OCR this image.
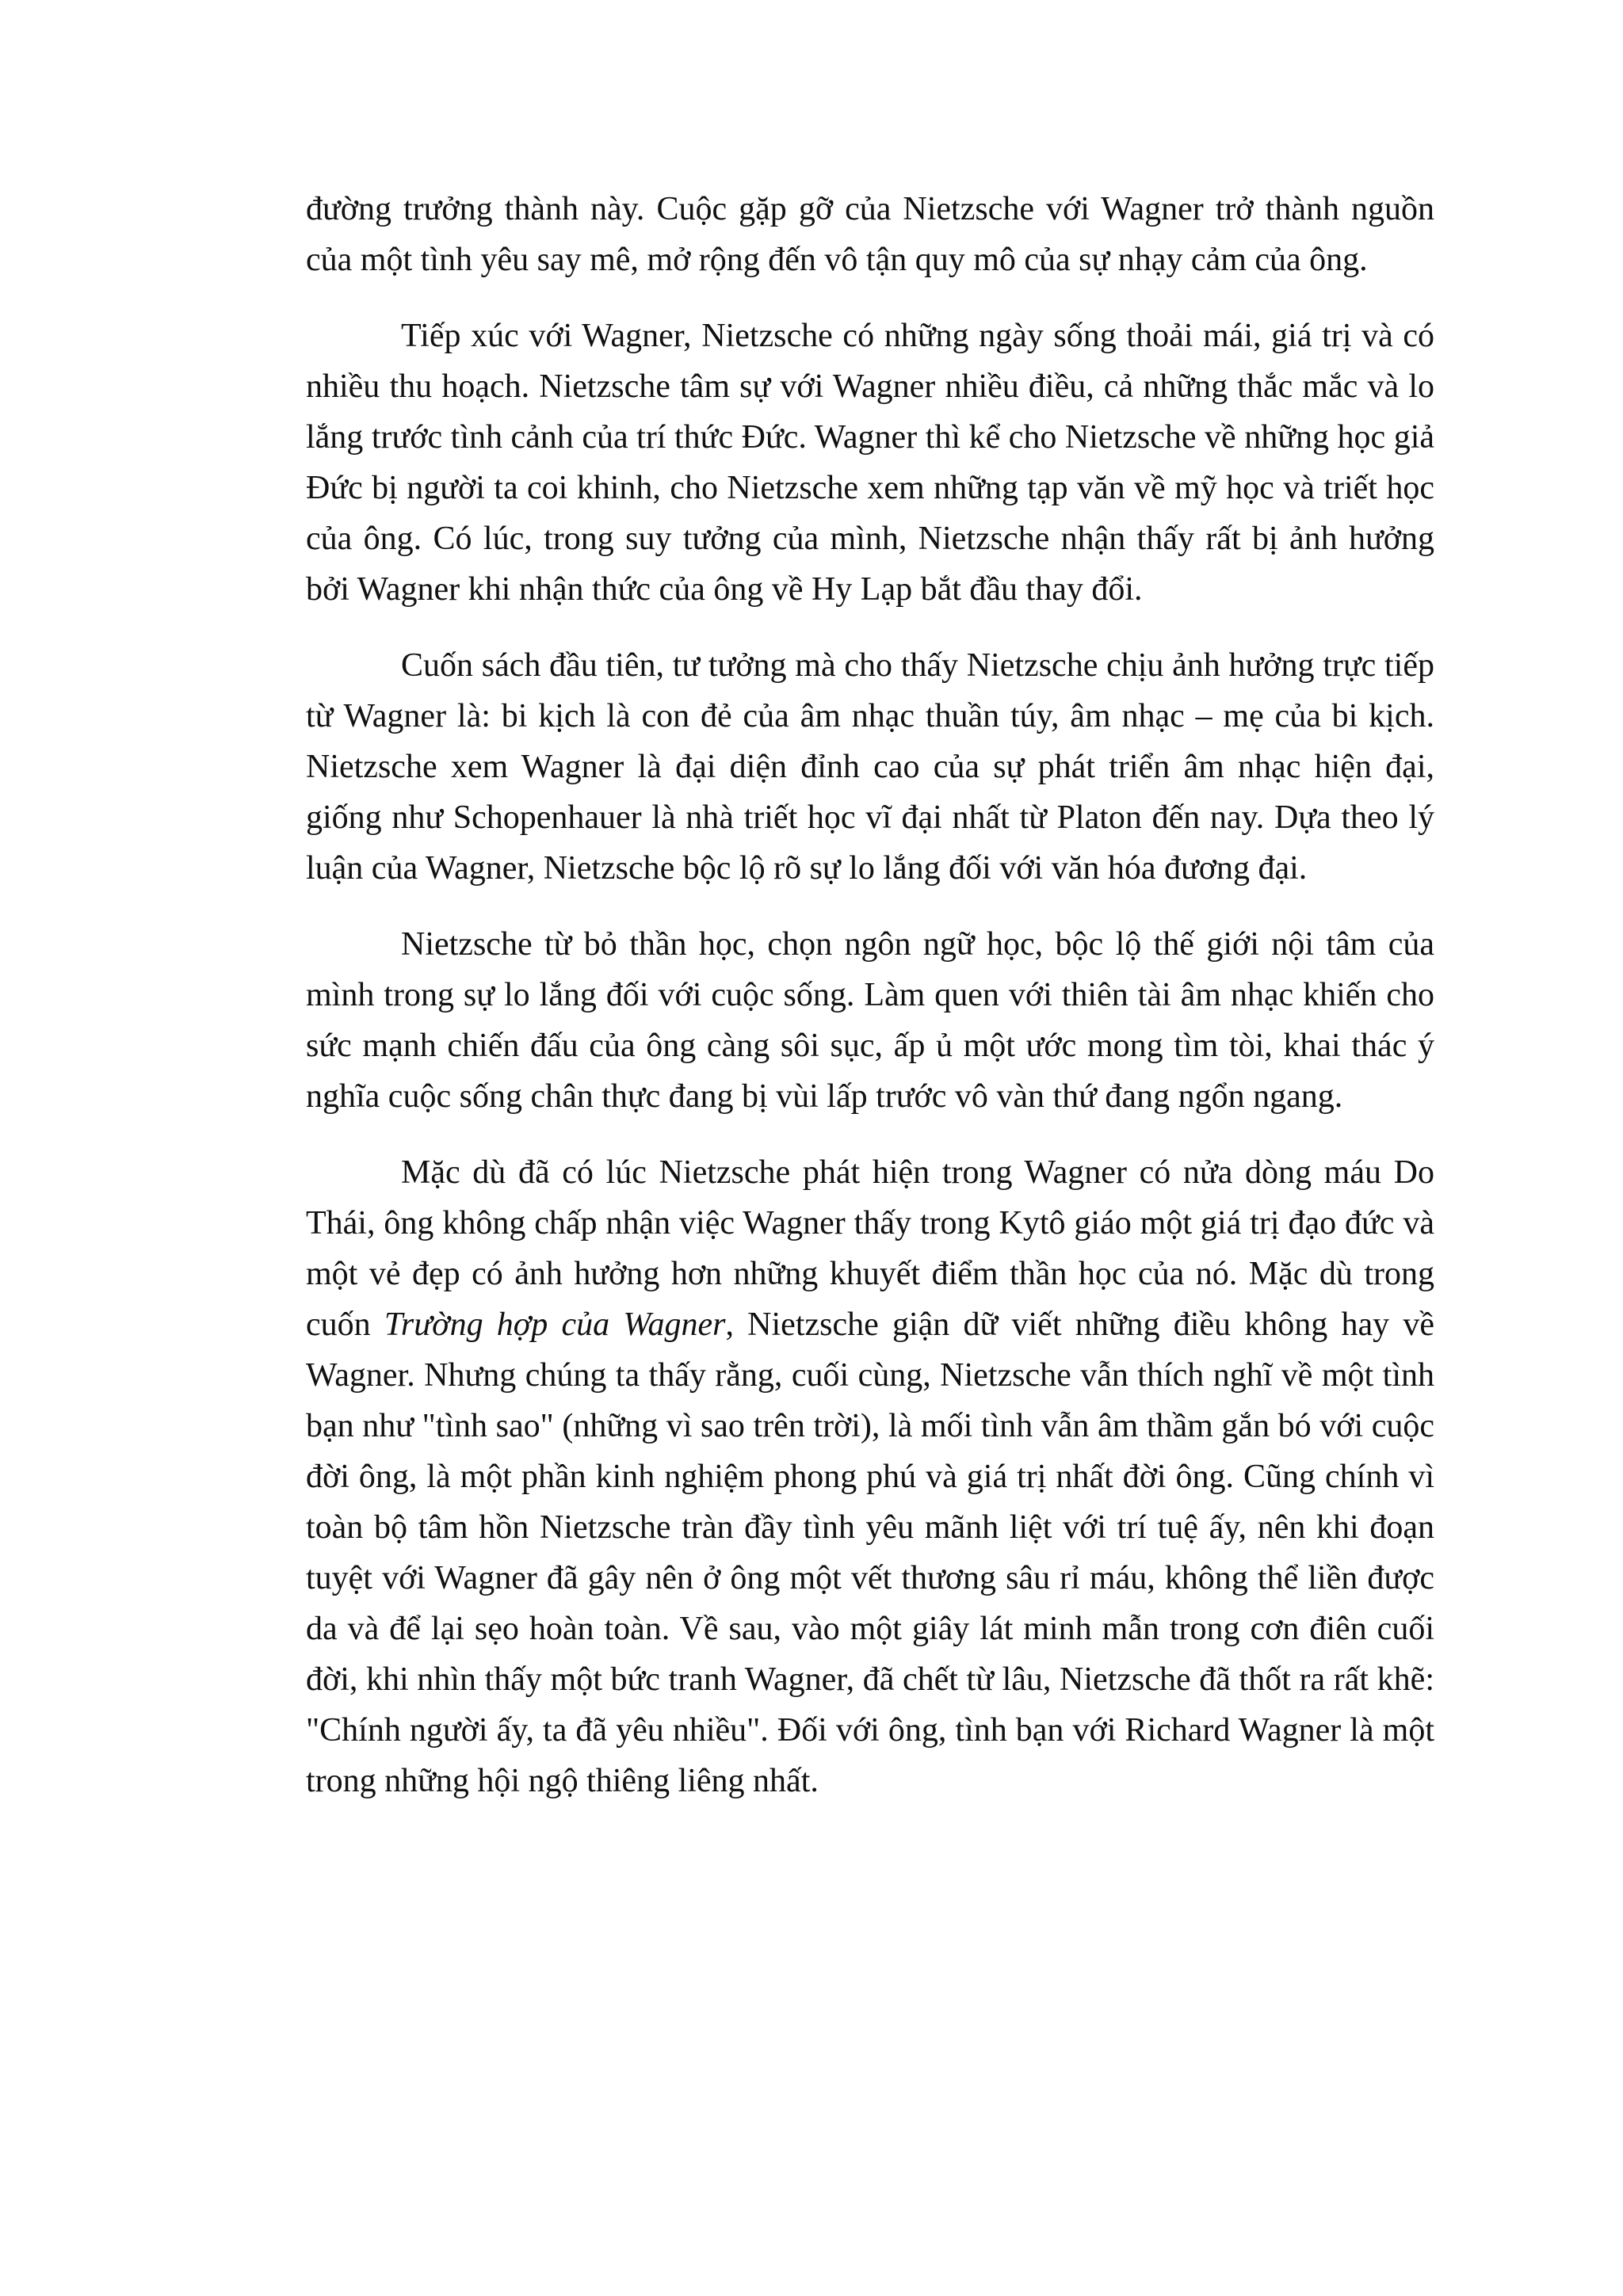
đường trưởng thành này. Cuộc gặp gỡ của Nietzsche với Wagner trở thành nguồn của một tình yêu say mê, mở rộng đến vô tận quy mô của sự nhạy cảm của ông.

Tiếp xúc với Wagner, Nietzsche có những ngày sống thoải mái, giá trị và có nhiều thu hoạch. Nietzsche tâm sự với Wagner nhiều điều, cả những thắc mắc và lo lắng trước tình cảnh của trí thức Đức. Wagner thì kể cho Nietzsche về những học giả Đức bị người ta coi khinh, cho Nietzsche xem những tạp văn về mỹ học và triết học của ông. Có lúc, trong suy tưởng của mình, Nietzsche nhận thấy rất bị ảnh hưởng bởi Wagner khi nhận thức của ông về Hy Lạp bắt đầu thay đổi.

Cuốn sách đầu tiên, tư tưởng mà cho thấy Nietzsche chịu ảnh hưởng trực tiếp từ Wagner là: bi kịch là con đẻ của âm nhạc thuần túy, âm nhạc – mẹ của bi kịch. Nietzsche xem Wagner là đại diện đỉnh cao của sự phát triển âm nhạc hiện đại, giống như Schopenhauer là nhà triết học vĩ đại nhất từ Platon đến nay. Dựa theo lý luận của Wagner, Nietzsche bộc lộ rõ sự lo lắng đối với văn hóa đương đại.

Nietzsche từ bỏ thần học, chọn ngôn ngữ học, bộc lộ thế giới nội tâm của mình trong sự lo lắng đối với cuộc sống. Làm quen với thiên tài âm nhạc khiến cho sức mạnh chiến đấu của ông càng sôi sục, ấp ủ một ước mong tìm tòi, khai thác ý nghĩa cuộc sống chân thực đang bị vùi lấp trước vô vàn thứ đang ngổn ngang.

Mặc dù đã có lúc Nietzsche phát hiện trong Wagner có nửa dòng máu Do Thái, ông không chấp nhận việc Wagner thấy trong Kytô giáo một giá trị đạo đức và một vẻ đẹp có ảnh hưởng hơn những khuyết điểm thần học của nó. Mặc dù trong cuốn Trường hợp của Wagner, Nietzsche giận dữ viết những điều không hay về Wagner. Nhưng chúng ta thấy rằng, cuối cùng, Nietzsche vẫn thích nghĩ về một tình bạn như "tình sao" (những vì sao trên trời), là mối tình vẫn âm thầm gắn bó với cuộc đời ông, là một phần kinh nghiệm phong phú và giá trị nhất đời ông. Cũng chính vì toàn bộ tâm hồn Nietzsche tràn đầy tình yêu mãnh liệt với trí tuệ ấy, nên khi đoạn tuyệt với Wagner đã gây nên ở ông một vết thương sâu rỉ máu, không thể liền được da và để lại sẹo hoàn toàn. Về sau, vào một giây lát minh mẫn trong cơn điên cuối đời, khi nhìn thấy một bức tranh Wagner, đã chết từ lâu, Nietzsche đã thốt ra rất khẽ: "Chính người ấy, ta đã yêu nhiều". Đối với ông, tình bạn với Richard Wagner là một trong những hội ngộ thiêng liêng nhất.
